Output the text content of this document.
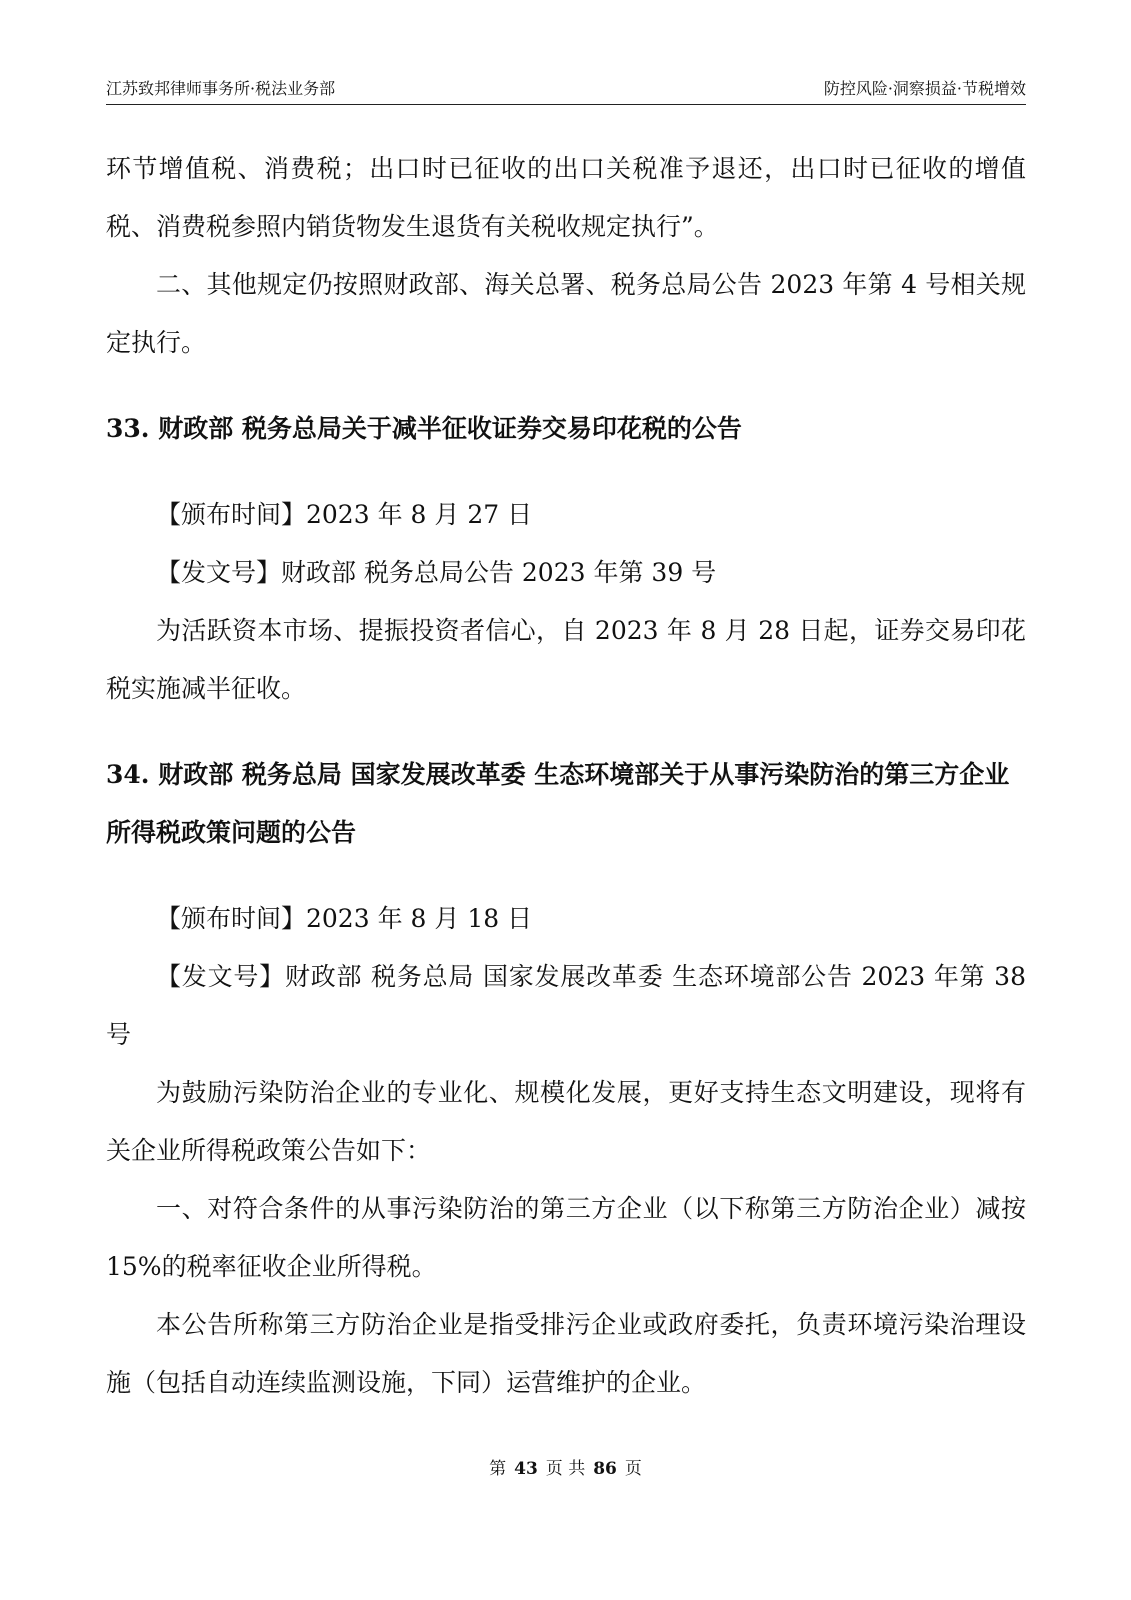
江苏致邦律师事务所·税法业务部	防控风险·洞察损益·节税增效

环节增值税、消费税；出口时已征收的出口关税准予退还，出口时已征收的增值税、消费税参照内销货物发生退货有关税收规定执行”。

二、其他规定仍按照财政部、海关总署、税务总局公告 2023 年第 4 号相关规定执行。

33. 财政部 税务总局关于减半征收证券交易印花税的公告

【颁布时间】2023 年 8 月 27 日

【发文号】财政部 税务总局公告 2023 年第 39 号

为活跃资本市场、提振投资者信心，自 2023 年 8 月 28 日起，证券交易印花税实施减半征收。

34. 财政部 税务总局 国家发展改革委 生态环境部关于从事污染防治的第三方企业所得税政策问题的公告

【颁布时间】2023 年 8 月 18 日

【发文号】财政部 税务总局 国家发展改革委 生态环境部公告 2023 年第 38 号

为鼓励污染防治企业的专业化、规模化发展，更好支持生态文明建设，现将有关企业所得税政策公告如下：

一、对符合条件的从事污染防治的第三方企业（以下称第三方防治企业）减按 15%的税率征收企业所得税。

本公告所称第三方防治企业是指受排污企业或政府委托，负责环境污染治理设施（包括自动连续监测设施，下同）运营维护的企业。

第 43 页 共 86 页
